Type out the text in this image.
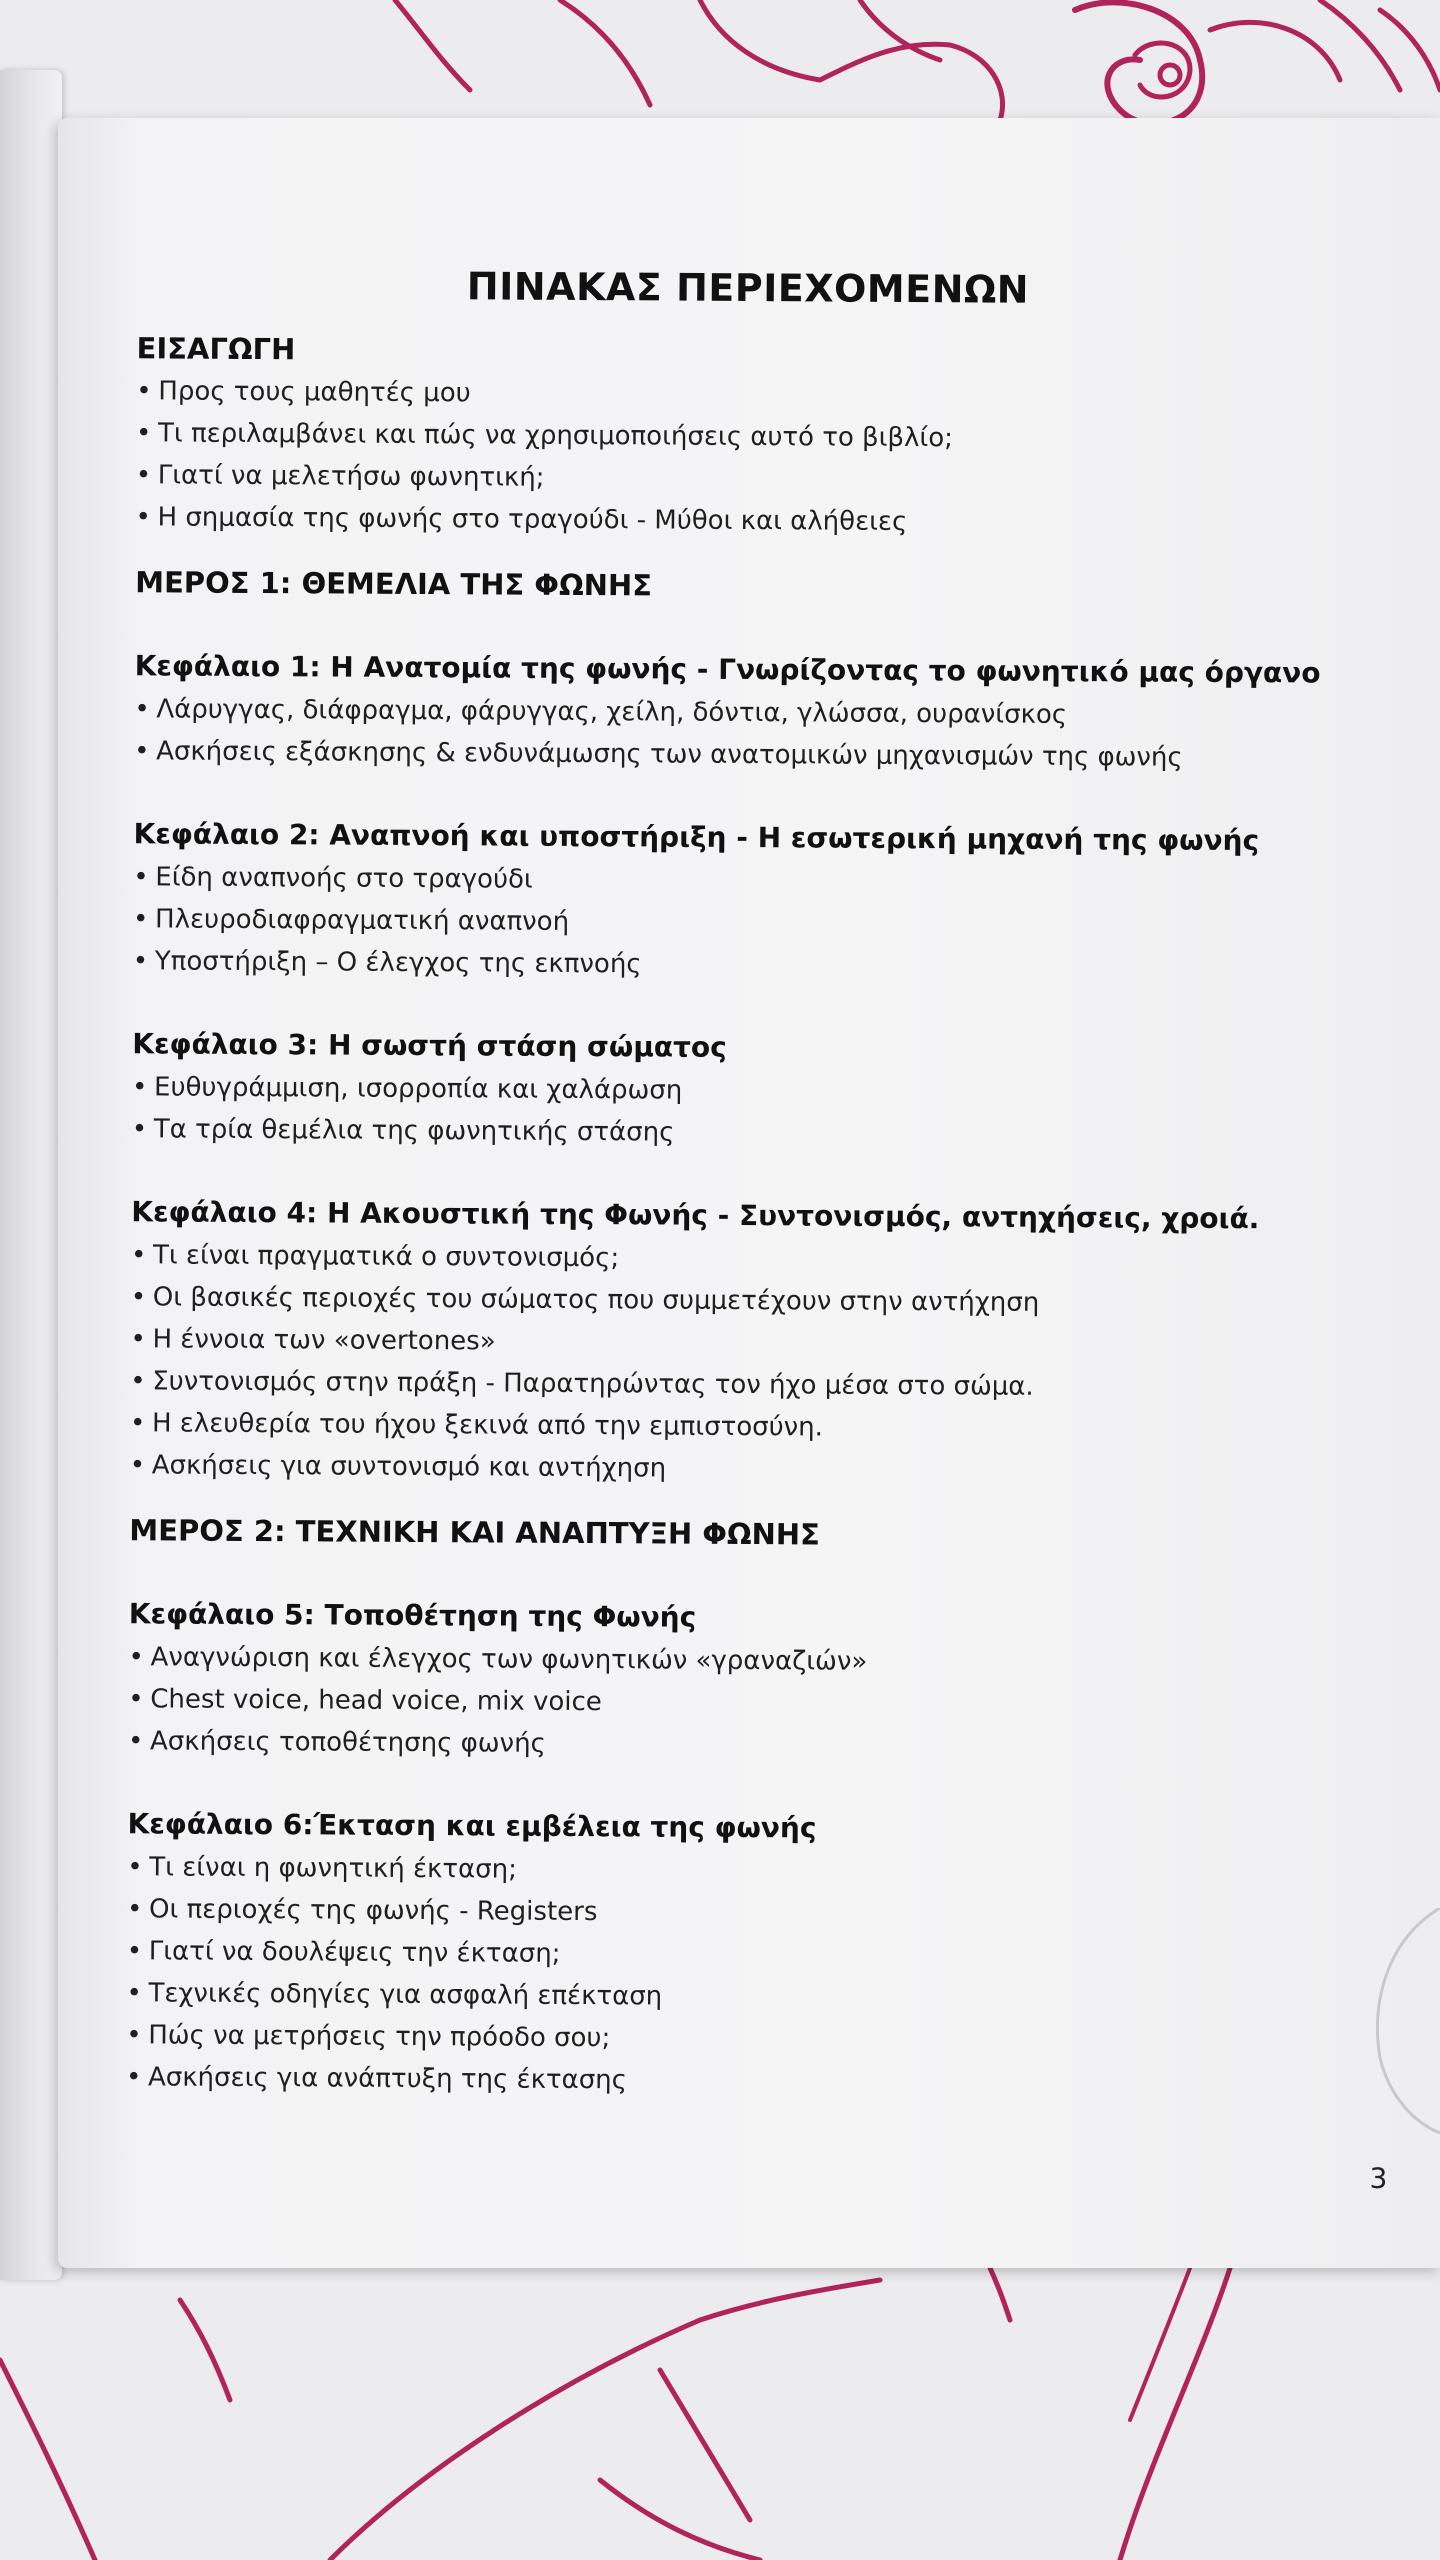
ΠΙΝΑΚΑΣ ΠΕΡΙΕΧΟΜΕΝΩΝ
ΕΙΣΑΓΩΓΗ
• Προς τους μαθητές μου
• Τι περιλαμβάνει και πώς να χρησιμοποιήσεις αυτό το βιβλίο;
• Γιατί να μελετήσω φωνητική;
• Η σημασία της φωνής στο τραγούδι - Μύθοι και αλήθειες
ΜΕΡΟΣ 1: ΘΕΜΕΛΙΑ ΤΗΣ ΦΩΝΗΣ
Κεφάλαιο 1: Η Ανατομία της φωνής - Γνωρίζοντας το φωνητικό μας όργανο
• Λάρυγγας, διάφραγμα, φάρυγγας, χείλη, δόντια, γλώσσα, ουρανίσκος
• Ασκήσεις εξάσκησης & ενδυνάμωσης των ανατομικών μηχανισμών της φωνής
Κεφάλαιο 2: Αναπνοή και υποστήριξη - Η εσωτερική μηχανή της φωνής
• Είδη αναπνοής στο τραγούδι
• Πλευροδιαφραγματική αναπνοή
• Υποστήριξη – Ο έλεγχος της εκπνοής
Κεφάλαιο 3: Η σωστή στάση σώματος
• Ευθυγράμμιση, ισορροπία και χαλάρωση
• Τα τρία θεμέλια της φωνητικής στάσης
Κεφάλαιο 4: Η Ακουστική της Φωνής - Συντονισμός, αντηχήσεις, χροιά.
• Τι είναι πραγματικά ο συντονισμός;
• Οι βασικές περιοχές του σώματος που συμμετέχουν στην αντήχηση
• Η έννοια των «overtones»
• Συντονισμός στην πράξη - Παρατηρώντας τον ήχο μέσα στο σώμα.
• Η ελευθερία του ήχου ξεκινά από την εμπιστοσύνη.
• Ασκήσεις για συντονισμό και αντήχηση
ΜΕΡΟΣ 2: ΤΕΧΝΙΚΗ ΚΑΙ ΑΝΑΠΤΥΞΗ ΦΩΝΗΣ
Κεφάλαιο 5: Τοποθέτηση της Φωνής
• Αναγνώριση και έλεγχος των φωνητικών «γραναζιών»
• Chest voice, head voice, mix voice
• Ασκήσεις τοποθέτησης φωνής
Κεφάλαιο 6:Έκταση και εμβέλεια της φωνής
• Τι είναι η φωνητική έκταση;
• Οι περιοχές της φωνής - Registers
• Γιατί να δουλέψεις την έκταση;
• Τεχνικές οδηγίες για ασφαλή επέκταση
• Πώς να μετρήσεις την πρόοδο σου;
• Ασκήσεις για ανάπτυξη της έκτασης
3
